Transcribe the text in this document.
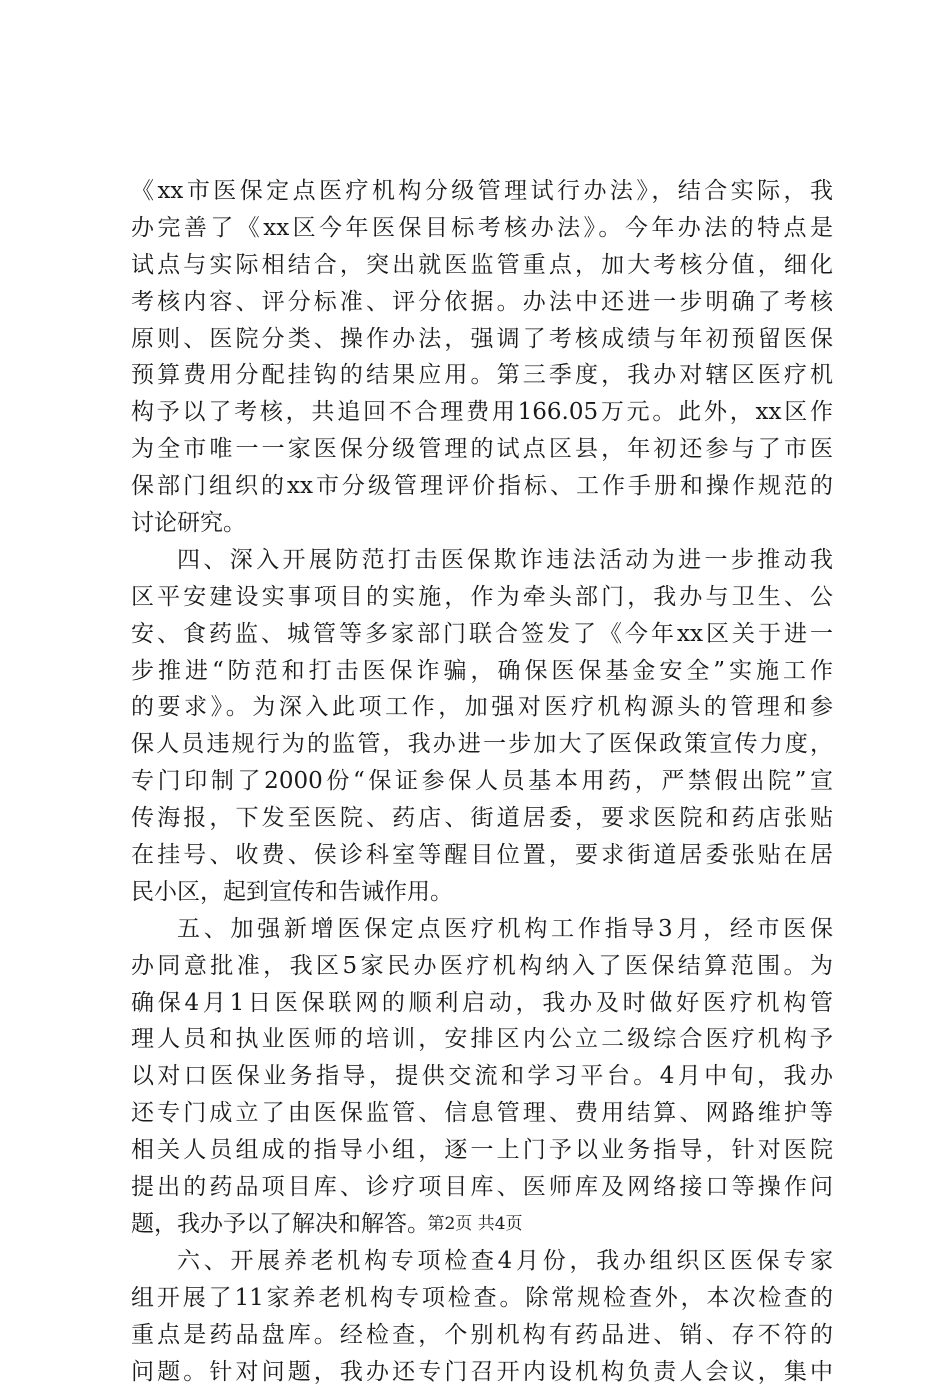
《xx市医保定点医疗机构分级管理试行办法》，结合实际，我
办完善了《xx区今年医保目标考核办法》。今年办法的特点是
试点与实际相结合，突出就医监管重点，加大考核分值，细化
考核内容、评分标准、评分依据。办法中还进一步明确了考核
原则、医院分类、操作办法，强调了考核成绩与年初预留医保
预算费用分配挂钩的结果应用。第三季度，我办对辖区医疗机
构予以了考核，共追回不合理费用166.05万元。此外，xx区作
为全市唯一一家医保分级管理的试点区县，年初还参与了市医
保部门组织的xx市分级管理评价指标、工作手册和操作规范的
讨论研究。
四、深入开展防范打击医保欺诈违法活动为进一步推动我
区平安建设实事项目的实施，作为牵头部门，我办与卫生、公
安、食药监、城管等多家部门联合签发了《今年xx区关于进一
步推进“防范和打击医保诈骗，确保医保基金安全”实施工作
的要求》。为深入此项工作，加强对医疗机构源头的管理和参
保人员违规行为的监管，我办进一步加大了医保政策宣传力度，
专门印制了2000份“保证参保人员基本用药，严禁假出院”宣
传海报，下发至医院、药店、街道居委，要求医院和药店张贴
在挂号、收费、侯诊科室等醒目位置，要求街道居委张贴在居
民小区，起到宣传和告诫作用。
五、加强新增医保定点医疗机构工作指导3月，经市医保
办同意批准，我区5家民办医疗机构纳入了医保结算范围。为
确保4月1日医保联网的顺利启动，我办及时做好医疗机构管
理人员和执业医师的培训，安排区内公立二级综合医疗机构予
以对口医保业务指导，提供交流和学习平台。4月中旬，我办
还专门成立了由医保监管、信息管理、费用结算、网路维护等
相关人员组成的指导小组，逐一上门予以业务指导，针对医院
提出的药品项目库、诊疗项目库、医师库及网络接口等操作问
题，我办予以了解决和解答。
六、开展养老机构专项检查4月份，我办组织区医保专家
组开展了11家养老机构专项检查。除常规检查外，本次检查的
重点是药品盘库。经检查，个别机构有药品进、销、存不符的
问题。针对问题，我办还专门召开内设机构负责人会议，集中
第2页 共4页
